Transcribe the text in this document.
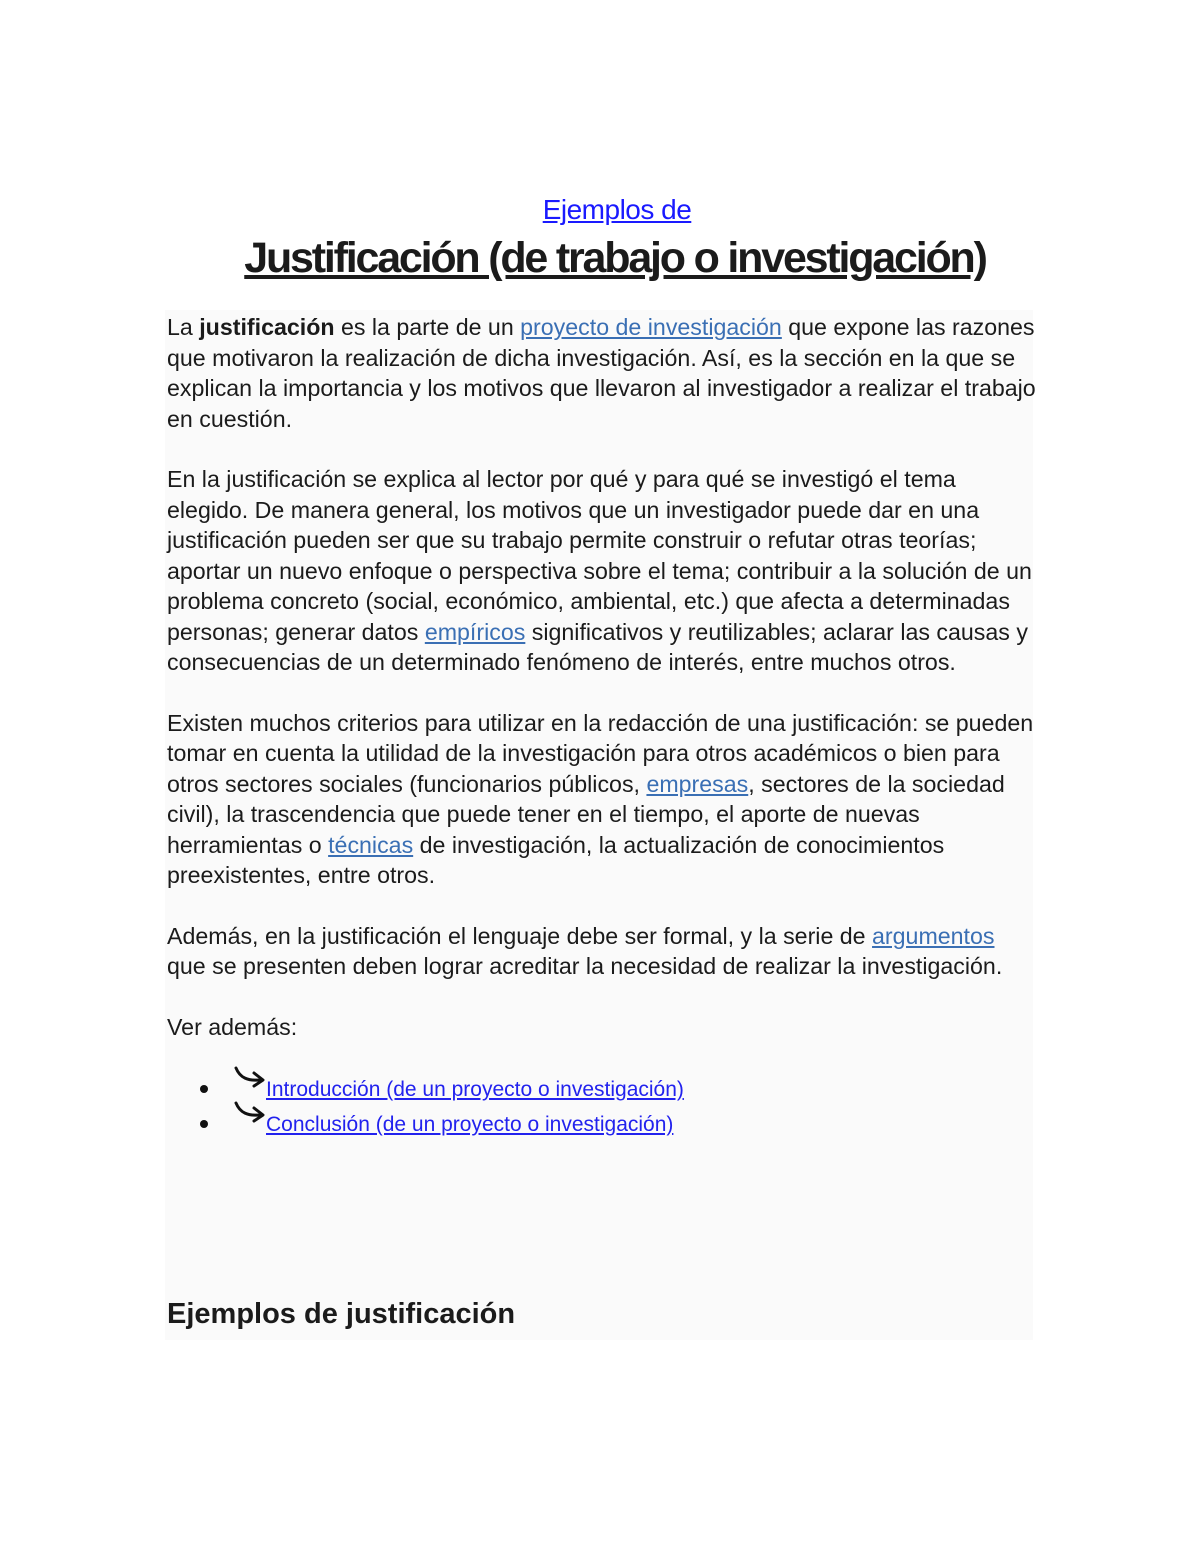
Ejemplos de
Justificación (de trabajo o investigación)

La justificación es la parte de un proyecto de investigación que expone las razones que motivaron la realización de dicha investigación. Así, es la sección en la que se explican la importancia y los motivos que llevaron al investigador a realizar el trabajo en cuestión.

En la justificación se explica al lector por qué y para qué se investigó el tema elegido. De manera general, los motivos que un investigador puede dar en una justificación pueden ser que su trabajo permite construir o refutar otras teorías; aportar un nuevo enfoque o perspectiva sobre el tema; contribuir a la solución de un problema concreto (social, económico, ambiental, etc.) que afecta a determinadas personas; generar datos empíricos significativos y reutilizables; aclarar las causas y consecuencias de un determinado fenómeno de interés, entre muchos otros.

Existen muchos criterios para utilizar en la redacción de una justificación: se pueden tomar en cuenta la utilidad de la investigación para otros académicos o bien para otros sectores sociales (funcionarios públicos, empresas, sectores de la sociedad civil), la trascendencia que puede tener en el tiempo, el aporte de nuevas herramientas o técnicas de investigación, la actualización de conocimientos preexistentes, entre otros.

Además, en la justificación el lenguaje debe ser formal, y la serie de argumentos que se presenten deben lograr acreditar la necesidad de realizar la investigación.

Ver además:

Introducción (de un proyecto o investigación)
Conclusión (de un proyecto o investigación)
Ejemplos de justificación
